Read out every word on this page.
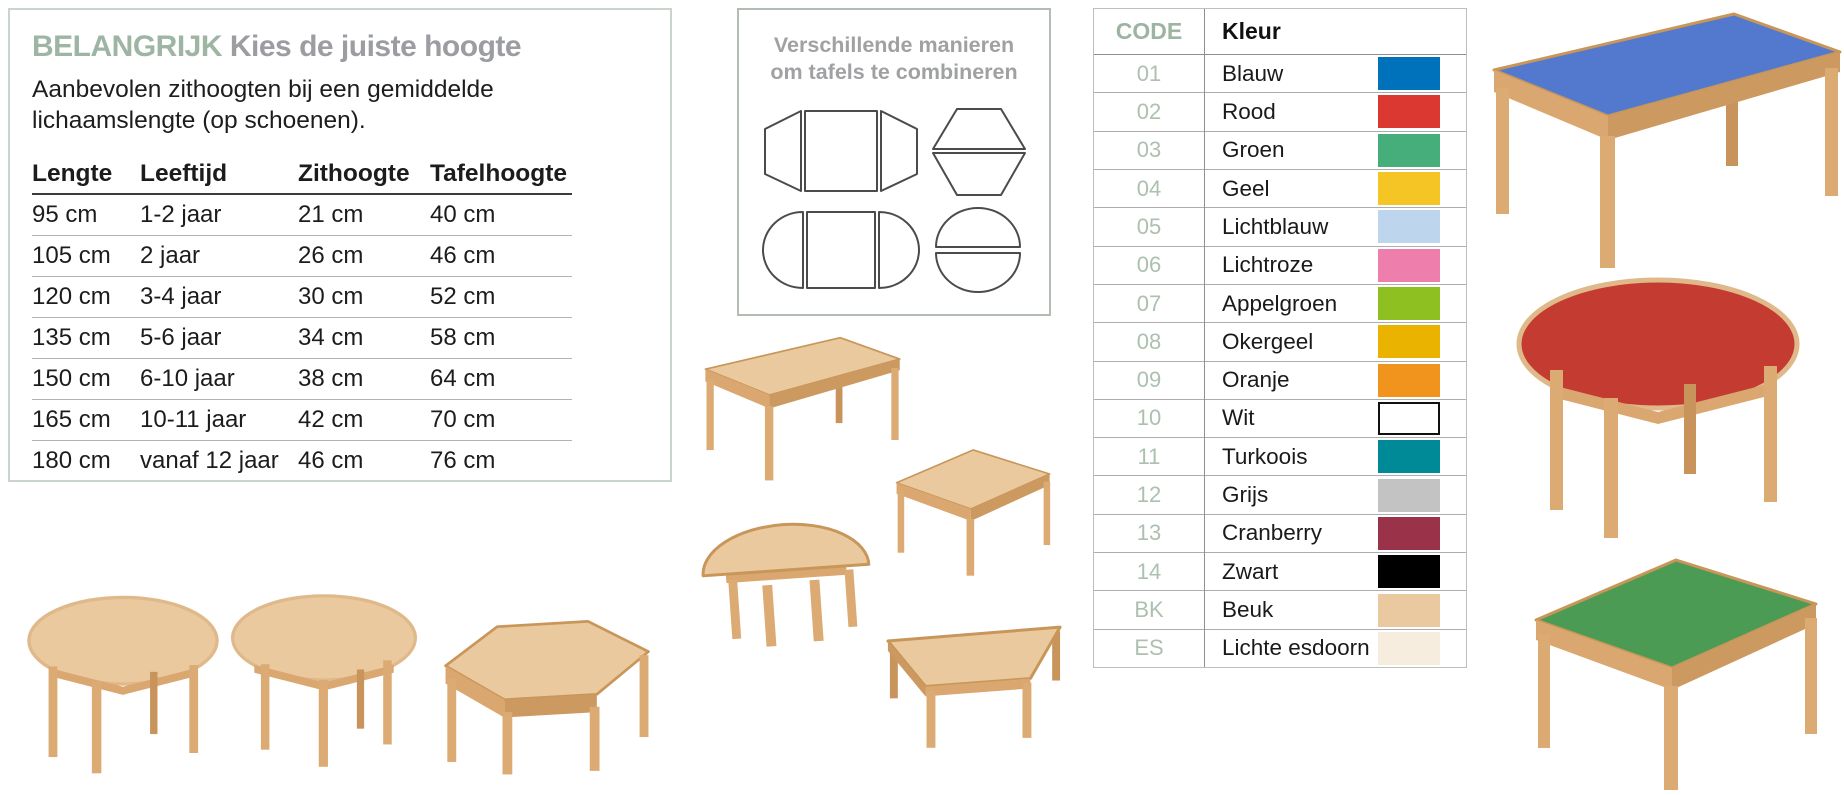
BELANGRIJK Kies de juiste hoogte

Aanbevolen zithoogten bij een gemiddelde lichaamslengte (op schoenen).

Lengte	Leeftijd	Zithoogte Tafelhoogte
95 cm	1-2 jaar	21 cm	40 cm
105 cm	2 jaar	26 cm	46 cm
120 cm	3-4 jaar	30 cm	52 cm
135 cm	5-6 jaar	34 cm	58 cm
150 cm	6-10 jaar	38 cm	64 cm
165 cm	10-11 jaar	42 cm	70 cm
180 cm	vanaf 12 jaar 46 cm	76 cm
Verschillende manieren
om tafels te combineren
CODE	Kleur
01	Blauw
02	Rood
03	Groen
04	Geel
05	Lichtblauw
06	Lichtroze
07	Appelgroen
08	Okergeel
09	Oranje
10	Wit
11	Turkoois
12	Grijs
13	Cranberry
14	Zwart
BK	Beuk
ES	Lichte esdoorn
